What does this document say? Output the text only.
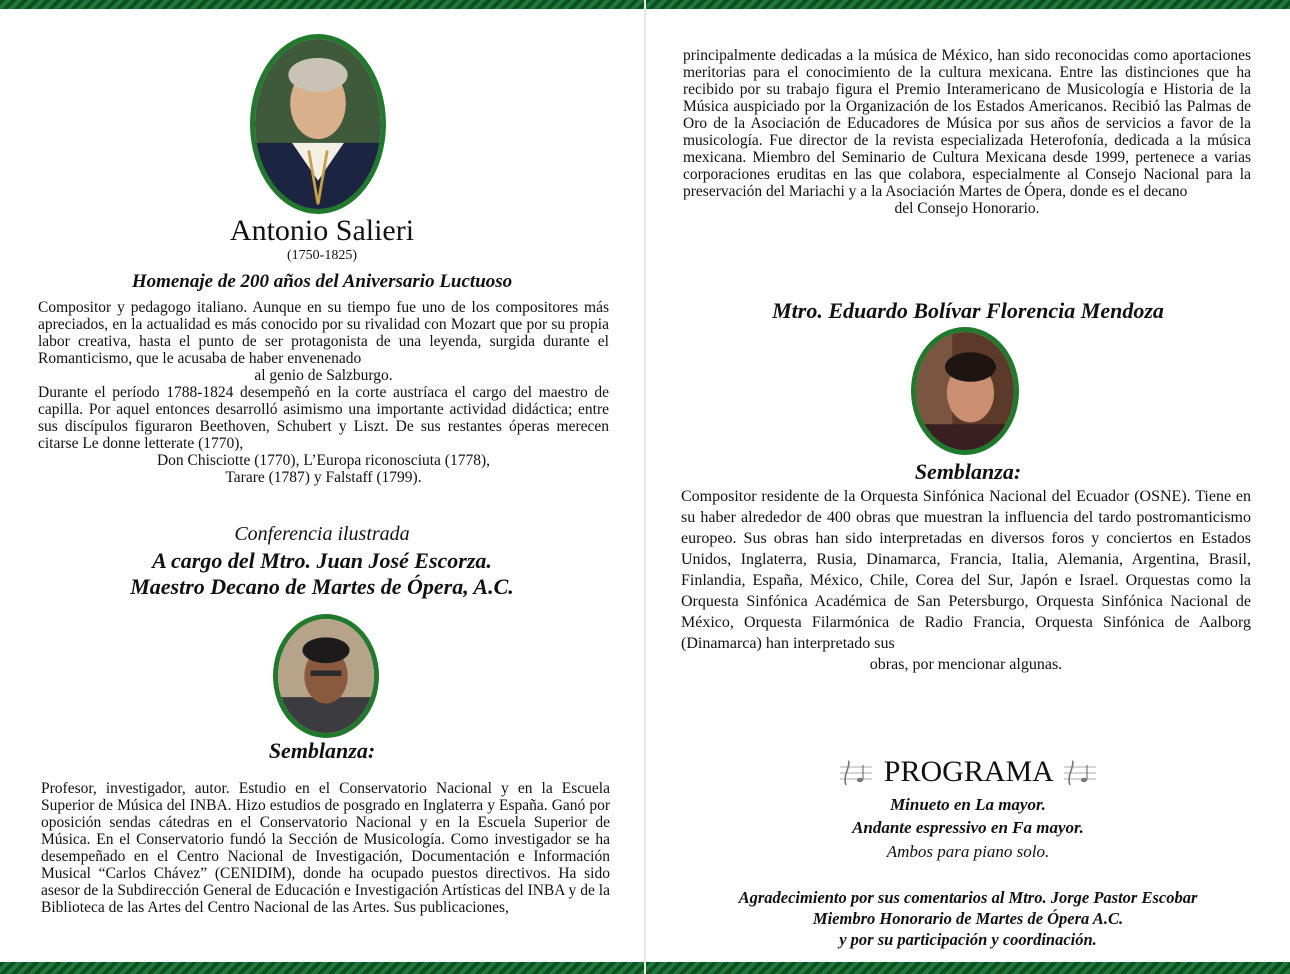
Antonio Salieri
(1750-1825)
Homenaje de 200 años del Aniversario Luctuoso
Compositor y pedagogo italiano. Aunque en su tiempo fue uno de los compositores más apreciados, en la actualidad es más conocido por su rivalidad con Mozart que por su propia labor creativa, hasta el punto de ser protagonista de una leyenda, surgida durante el Romanticismo, que le acusaba de haber envenenado
al genio de Salzburgo.
Durante el período 1788-1824 desempeñó en la corte austríaca el cargo del maestro de capilla. Por aquel entonces desarrolló asimismo una importante actividad didáctica; entre sus discípulos figuraron Beethoven, Schubert y Liszt. De sus restantes óperas merecen citarse Le donne letterate (1770),
Don Chisciotte (1770), L’Europa riconosciuta (1778),
Tarare (1787) y Falstaff (1799).
Conferencia ilustrada
A cargo del Mtro. Juan José Escorza.
Maestro Decano de Martes de Ópera, A.C.
Semblanza:
Profesor, investigador, autor. Estudio en el Conservatorio Nacional y en la Escuela Superior de Música del INBA. Hizo estudios de posgrado en Inglaterra y España. Ganó por oposición sendas cátedras en el Conservatorio Nacional y en la Escuela Superior de Música. En el Conservatorio fundó la Sección de Musicología. Como investigador se ha desempeñado en el Centro Nacional de Investigación, Documentación e Información Musical “Carlos Chávez” (CENIDIM), donde ha ocupado puestos directivos. Ha sido asesor de la Subdirección General de Educación e Investigación Artísticas del INBA y de la Biblioteca de las Artes del Centro Nacional de las Artes. Sus publicaciones,
principalmente dedicadas a la música de México, han sido reconocidas como aportaciones meritorias para el conocimiento de la cultura mexicana. Entre las distinciones que ha recibido por su trabajo figura el Premio Interamericano de Musicología e Historia de la Música auspiciado por la Organización de los Estados Americanos. Recibió las Palmas de Oro de la Asociación de Educadores de Música por sus años de servicios a favor de la musicología. Fue director de la revista especializada Heterofonía, dedicada a la música mexicana. Miembro del Seminario de Cultura Mexicana desde 1999, pertenece a varias corporaciones eruditas en las que colabora, especialmente al Consejo Nacional para la preservación del Mariachi y a la Asociación Martes de Ópera, donde es el decano
del Consejo Honorario.
Mtro. Eduardo Bolívar Florencia Mendoza
Semblanza:
Compositor residente de la Orquesta Sinfónica Nacional del Ecuador (OSNE). Tiene en su haber alrededor de 400 obras que muestran la influencia del tardo postromanticismo europeo. Sus obras han sido interpretadas en diversos foros y conciertos en Estados Unidos, Inglaterra, Rusia, Dinamarca, Francia, Italia, Alemania, Argentina, Brasil, Finlandia, España, México, Chile, Corea del Sur, Japón e Israel. Orquestas como la Orquesta Sinfónica Académica de San Petersburgo, Orquesta Sinfónica Nacional de México, Orquesta Filarmónica de Radio Francia, Orquesta Sinfónica de Aalborg (Dinamarca) han interpretado sus
obras, por mencionar algunas.
PROGRAMA
Minueto en La mayor.
Andante espressivo en Fa mayor.
Ambos para piano solo.
Agradecimiento por sus comentarios al Mtro. Jorge Pastor Escobar
Miembro Honorario de Martes de Ópera A.C.
y por su participación y coordinación.
